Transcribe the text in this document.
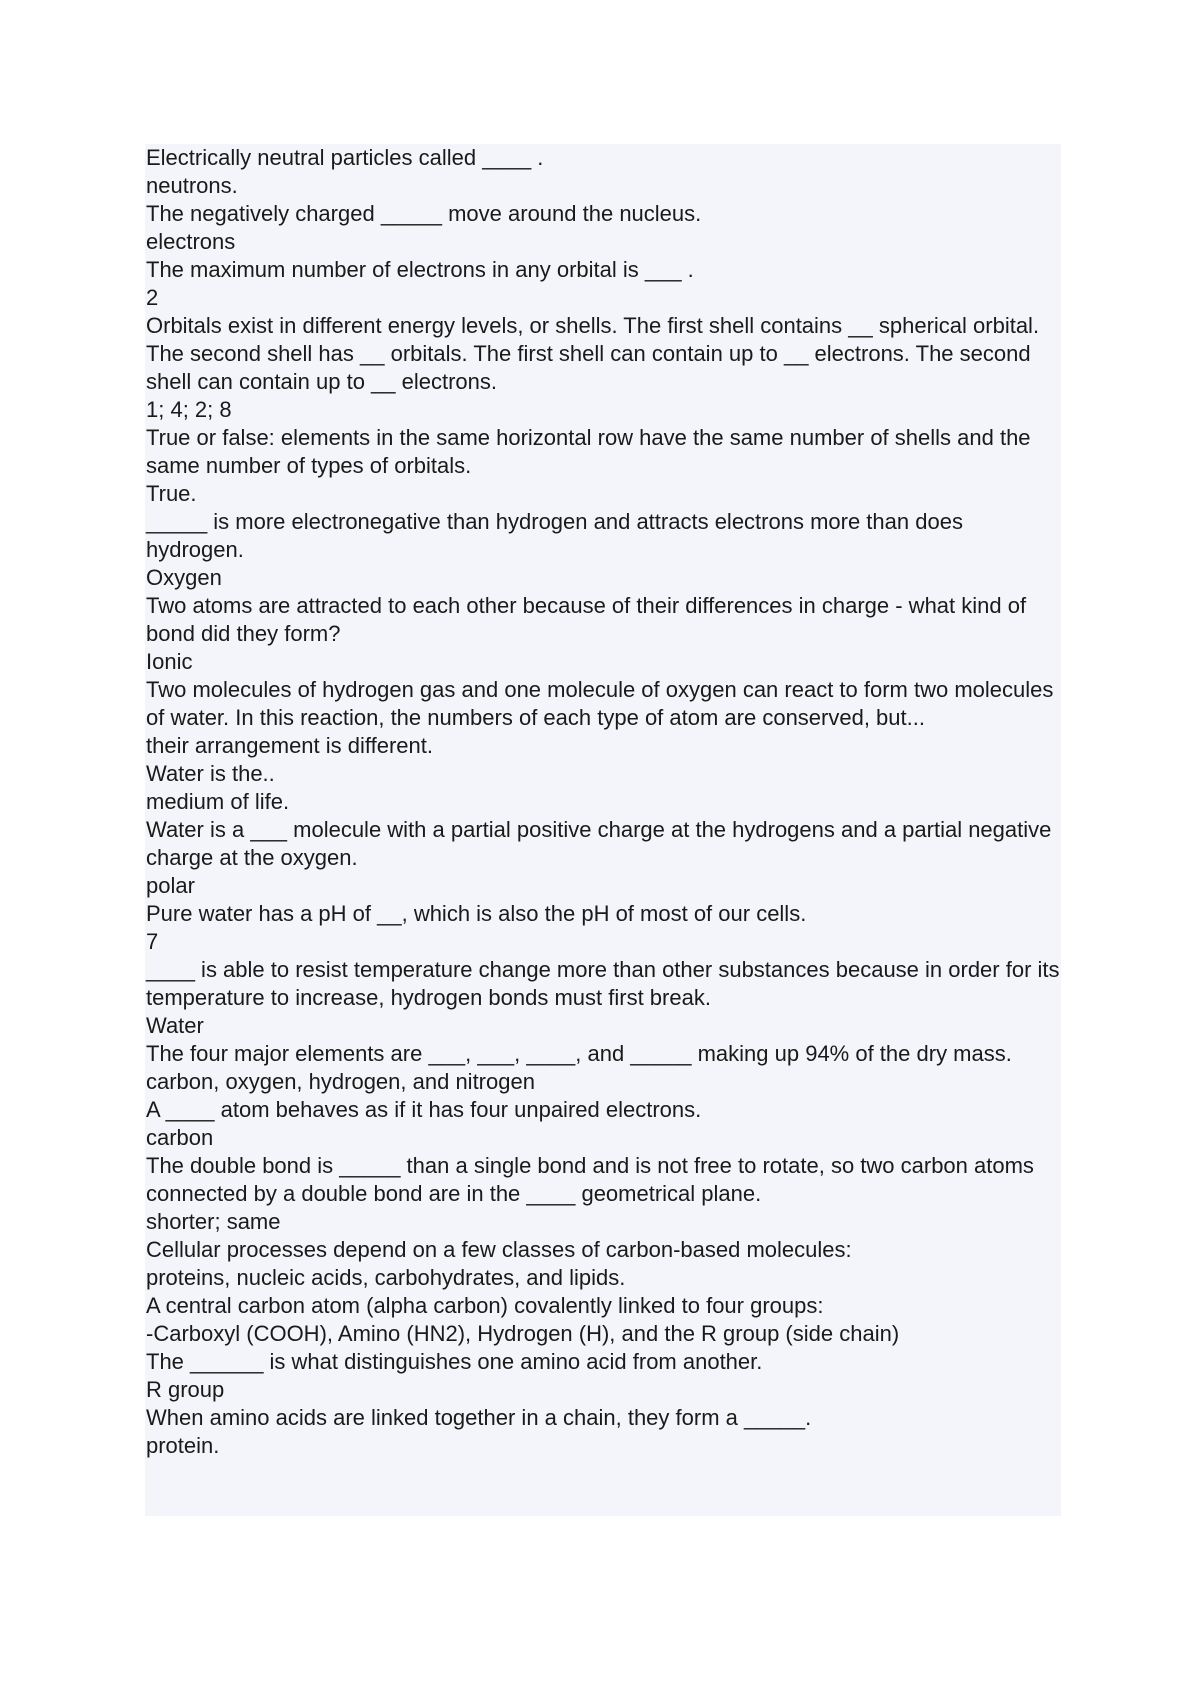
Electrically neutral particles called ____ .
neutrons.
The negatively charged _____ move around the nucleus.
electrons
The maximum number of electrons in any orbital is ___ .
2
Orbitals exist in different energy levels, or shells. The first shell contains __ spherical orbital. The second shell has __ orbitals. The first shell can contain up to __ electrons. The second shell can contain up to __ electrons.
1; 4; 2; 8
True or false: elements in the same horizontal row have the same number of shells and the same number of types of orbitals.
True.
_____ is more electronegative than hydrogen and attracts electrons more than does hydrogen.
Oxygen
Two atoms are attracted to each other because of their differences in charge - what kind of bond did they form?
Ionic
Two molecules of hydrogen gas and one molecule of oxygen can react to form two molecules of water. In this reaction, the numbers of each type of atom are conserved, but...
their arrangement is different.
Water is the..
medium of life.
Water is a ___ molecule with a partial positive charge at the hydrogens and a partial negative charge at the oxygen.
polar
Pure water has a pH of __, which is also the pH of most of our cells.
7
____ is able to resist temperature change more than other substances because in order for its temperature to increase, hydrogen bonds must first break.
Water
The four major elements are ___, ___, ____, and _____ making up 94% of the dry mass.
carbon, oxygen, hydrogen, and nitrogen
A ____ atom behaves as if it has four unpaired electrons.
carbon
The double bond is _____ than a single bond and is not free to rotate, so two carbon atoms connected by a double bond are in the ____ geometrical plane.
shorter; same
Cellular processes depend on a few classes of carbon-based molecules:
proteins, nucleic acids, carbohydrates, and lipids.
A central carbon atom (alpha carbon) covalently linked to four groups:
-Carboxyl (COOH), Amino (HN2), Hydrogen (H), and the R group (side chain)
The ______ is what distinguishes one amino acid from another.
R group
When amino acids are linked together in a chain, they form a _____.
protein.
